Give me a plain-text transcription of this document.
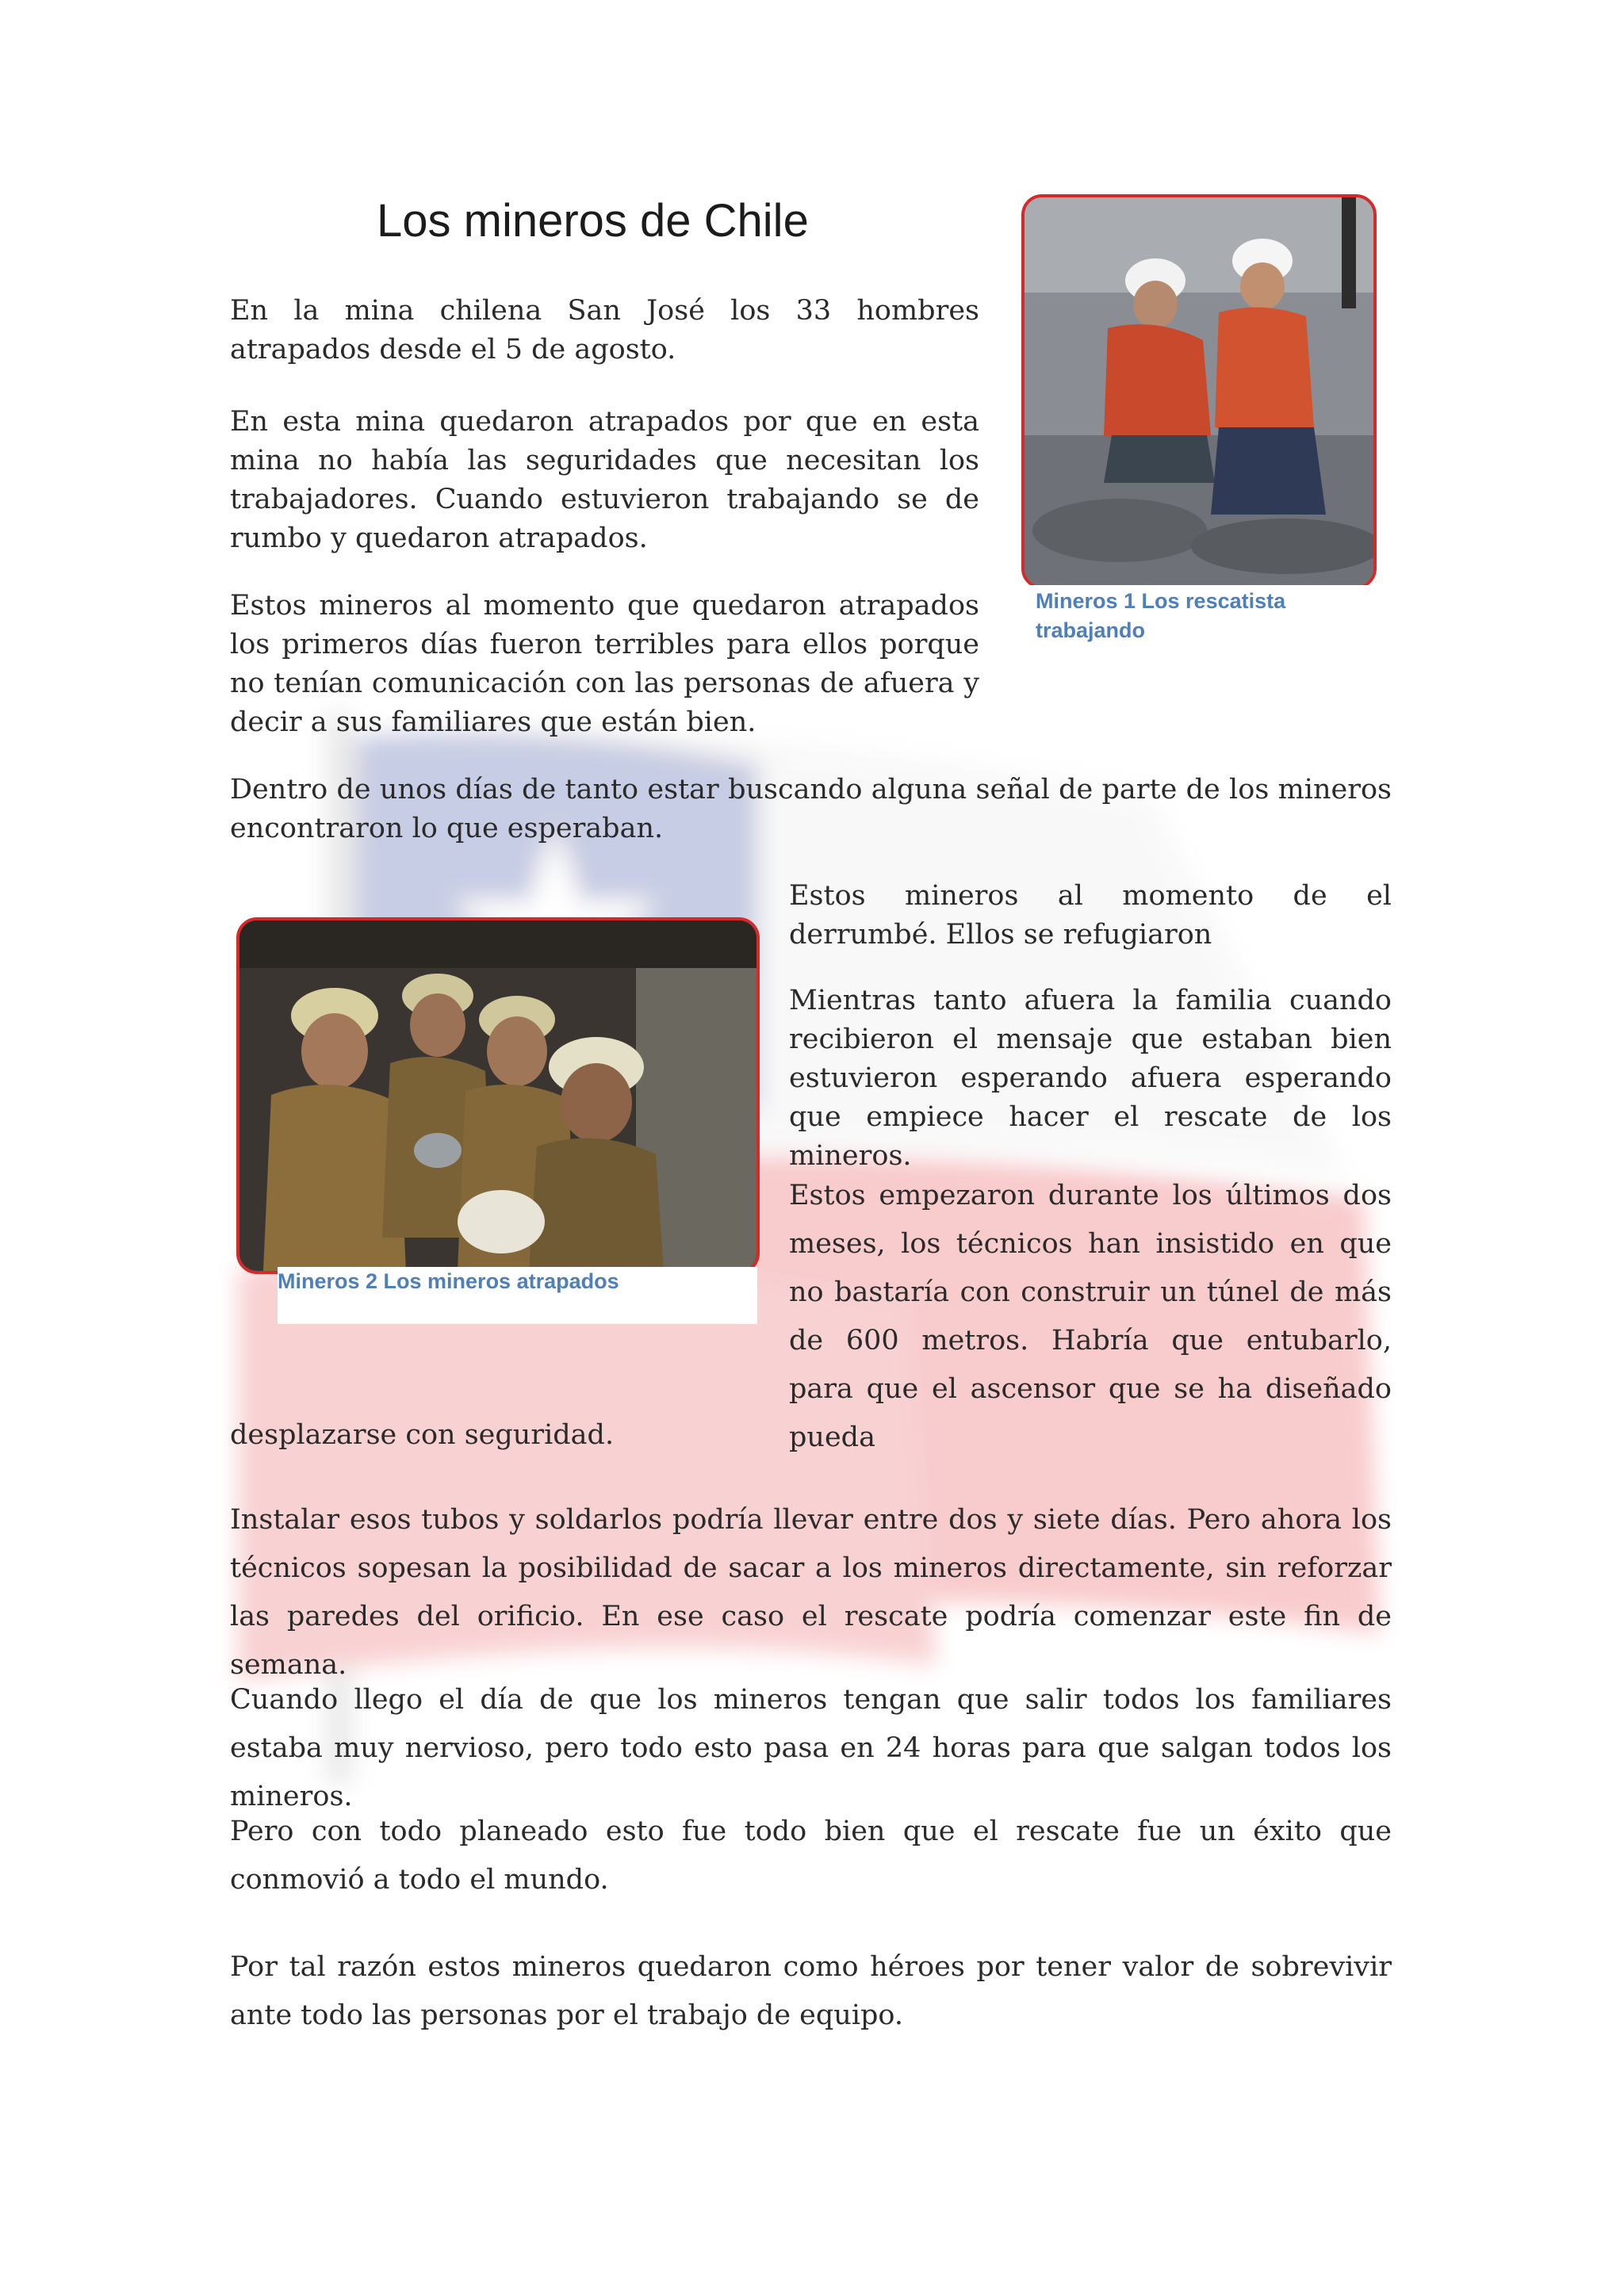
Los mineros de Chile

En la mina chilena San José los 33 hombres atrapados desde el 5 de agosto.

En esta mina quedaron atrapados por que en esta mina no había las seguridades que necesitan los trabajadores. Cuando estuvieron trabajando se de rumbo y quedaron atrapados.

Estos mineros al momento que quedaron atrapados los primeros días fueron terribles para ellos porque no tenían comunicación con las personas de afuera y decir a sus familiares que están bien.

Dentro de unos días de tanto estar buscando alguna señal de parte de los mineros encontraron lo que esperaban.

Mineros 1 Los rescatista trabajando

Estos mineros al momento de el derrumbé. Ellos se refugiaron

Mientras tanto afuera la familia cuando recibieron el mensaje que estaban bien estuvieron esperando afuera esperando que empiece hacer el rescate de los mineros.

Estos empezaron durante los últimos dos meses, los técnicos han insistido en que no bastaría con construir un túnel de más de 600 metros. Habría que entubarlo, para que el ascensor que se ha diseñado pueda

desplazarse con seguridad.

Mineros 2 Los mineros atrapados

Instalar esos tubos y soldarlos podría llevar entre dos y siete días. Pero ahora los técnicos sopesan la posibilidad de sacar a los mineros directamente, sin reforzar las paredes del orificio. En ese caso el rescate podría comenzar este fin de semana.

Cuando llego el día de que los mineros tengan que salir todos los familiares estaba muy nervioso, pero todo esto pasa en 24 horas para que salgan todos los mineros.

Pero con todo planeado esto fue todo bien que el rescate fue un éxito que conmovió a todo el mundo.

Por tal razón estos mineros quedaron como héroes por tener valor de sobrevivir ante todo las personas por el trabajo de equipo.
